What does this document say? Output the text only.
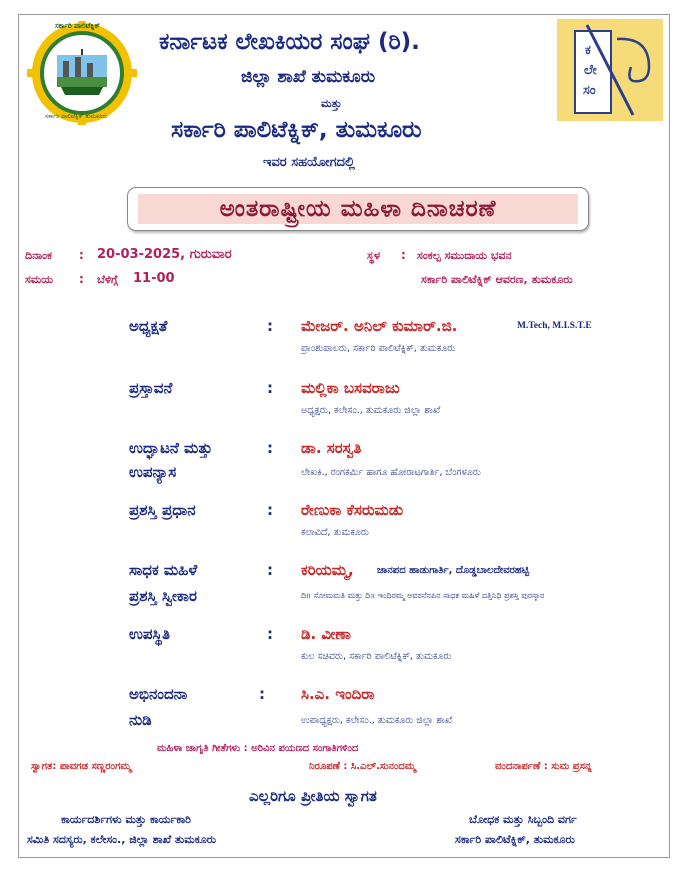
ಸರ್ಕಾರಿ ಪಾಲಿಟೆಕ್ನಿಕ್
ಸರ್ಕಾರಿ ಪಾಲಿಟೆಕ್ನಿಕ್ ತುಮಕೂರು
ಕ
ಲೇ
ಸಂ
ಕರ್ನಾಟಕ ಲೇಖಕಿಯರ ಸಂಘ (ರಿ).
ಜಿಲ್ಲಾ ಶಾಖೆ ತುಮಕೂರು
ಮತ್ತು
ಸರ್ಕಾರಿ ಪಾಲಿಟೆಕ್ನಿಕ್, ತುಮಕೂರು
ಇವರ ಸಹಯೋಗದಲ್ಲಿ
ಅಂತರಾಷ್ಟ್ರೀಯ ಮಹಿಳಾ ದಿನಾಚರಣೆ
ದಿನಾಂಕ : 20-03-2025, ಗುರುವಾರ	ಸ್ಥಳ : ಸಂಕಲ್ಪ ಸಮುದಾಯ ಭವನ
ಸಮಯ : ಬೆಳಿಗ್ಗೆ 11-00	ಸರ್ಕಾರಿ ಪಾಲಿಟೆಕ್ನಿಕ್ ಆವರಣ, ತುಮಕೂರು
ಅಧ್ಯಕ್ಷತೆ	: ಮೇಜರ್. ಅನಿಲ್ ಕುಮಾರ್.ಜಿ.	M.Tech, M.I.S.T.E
ಪ್ರಾಂಶುಪಾಲರು, ಸರ್ಕಾರಿ ಪಾಲಿಟೆಕ್ನಿಕ್, ತುಮಕೂರು
ಪ್ರಸ್ತಾವನೆ	: ಮಲ್ಲಿಕಾ ಬಸವರಾಜು
ಅಧ್ಯಕ್ಷರು, ಕಲೇಸಂ., ತುಮಕೂರು ಜಿಲ್ಲಾ ಶಾಖೆ
ಉದ್ಘಾಟನೆ ಮತ್ತು
ಉಪನ್ಯಾಸ
: ಡಾ. ಸರಸ್ವತಿ
ಲೇಖಕಿ., ರಂಗಕರ್ಮಿ ಹಾಗೂ ಹೋರಾಟಗಾರ್ತಿ, ಬೆಂಗಳೂರು
ಪ್ರಶಸ್ತಿ ಪ್ರಧಾನ	: ರೇಣುಕಾ ಕೆಸರುಮಡು
ಕಲಾವಿದೆ, ತುಮಕೂರು
ಸಾಧಕ ಮಹಿಳೆ
ಪ್ರಶಸ್ತಿ ಸ್ವೀಕಾರ
: ಕರಿಯಮ್ಮ, ಜಾನಪದ ಹಾಡುಗಾರ್ತಿ, ದೊಡ್ಡಬಾಲದೇವರಹಟ್ಟಿ
ದಿ॥ ಸೋಮಮತಿ ಮತ್ತು ದಿ॥ ಇಂದಿರಮ್ಮ ಅವರನೆನಪಿನ ಸಾಧಕ ಮಹಿಳೆ ದತ್ತಿನಿಧಿ ಪ್ರಶಸ್ತಿ ಪುರಸ್ಕಾರ
ಉಪಸ್ಥಿತಿ	: ಡಿ. ವೀಣಾ
ಕುಲ ಸಚಿವರು, ಸರ್ಕಾರಿ ಪಾಲಿಟೆಕ್ನಿಕ್, ತುಮಕೂರು
ಅಭಿನಂದನಾ
ನುಡಿ
: ಸಿ.ಎ. ಇಂದಿರಾ
ಉಪಾಧ್ಯಕ್ಷರು, ಕಲೇಸಂ., ತುಮಕೂರು ಜಿಲ್ಲಾ ಶಾಖೆ
ಮಹಿಳಾ ಜಾಗೃತಿ ಗೀತೆಗಳು : ಅರಿವಿನ ಪಯಣದ ಸಂಗಾತಿಗಳಿಂದ
ಸ್ವಾಗತ: ಪಾವಗಡ ಸಣ್ಣರಂಗಮ್ಮ	ನಿರೂಪಣೆ : ಸಿ.ಎಲ್.ಸುನಂದಮ್ಮ	ವಂದನಾರ್ಪಣೆ : ಸುಮ ಪ್ರಸನ್ನ
ಎಲ್ಲರಿಗೂ ಪ್ರೀತಿಯ ಸ್ವಾಗತ
ಕಾರ್ಯದರ್ಶಿಗಳು ಮತ್ತು ಕಾರ್ಯಕಾರಿ
ಸಮಿತಿ ಸದಸ್ಯರು, ಕಲೇಸಂ., ಜಿಲ್ಲಾ ಶಾಖೆ ತುಮಕೂರು
ಬೋಧಕ ಮತ್ತು ಸಿಬ್ಬಂದಿ ವರ್ಗ
ಸರ್ಕಾರಿ ಪಾಲಿಟೆಕ್ನಿಕ್, ತುಮಕೂರು
